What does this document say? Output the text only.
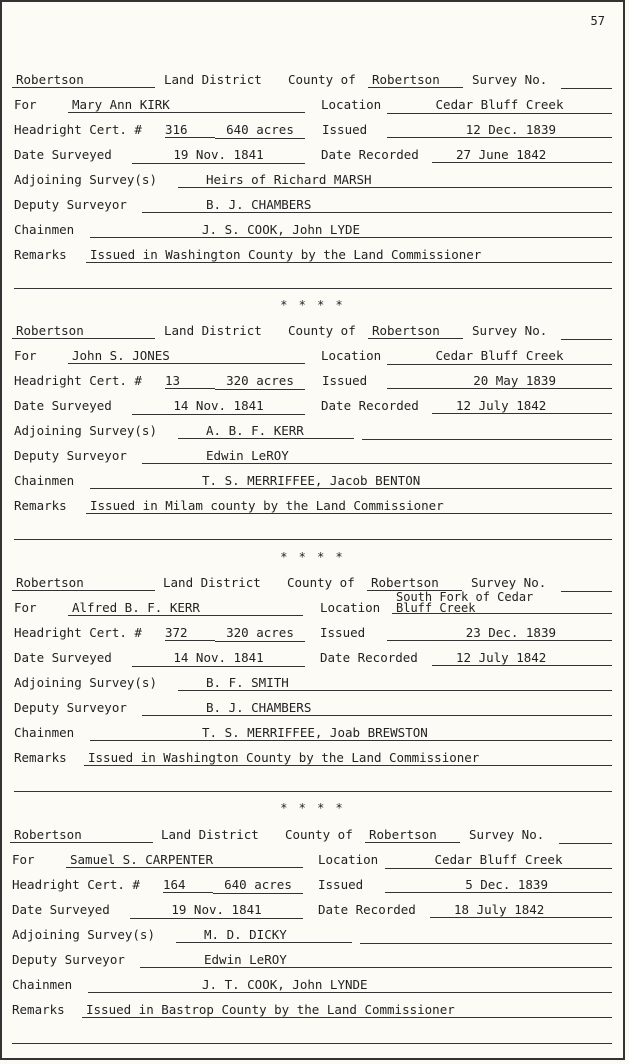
57
Robertson	Land District County of	Robertson	Survey No.
For	Mary Ann KIRK	Location	Cedar Bluff Creek
Headright Cert. # 316	640 acres	Issued	12 Dec. 1839
Date Surveyed	19 Nov. 1841	Date Recorded	27 June 1842
Adjoining Survey(s)	Heirs of Richard MARSH
Deputy Surveyor	B. J. CHAMBERS
Chainmen	J. S. COOK, John LYDE
Remarks	Issued in Washington County by the Land Commissioner
* * * *
Robertson	Land District County of	Robertson	Survey No.
For	John S. JONES	Location	Cedar Bluff Creek
Headright Cert. # 13	320 acres	Issued	20 May 1839
Date Surveyed	14 Nov. 1841	Date Recorded	12 July 1842
Adjoining Survey(s)	A. B. F. KERR
Deputy Surveyor	Edwin LeROY
Chainmen	T. S. MERRIFFEE, Jacob BENTON
Remarks	Issued in Milam county by the Land Commissioner
* * * *
Robertson	Land District County of	Robertson	Survey No.
For	Alfred B. F. KERR	Location
South Fork of Cedar
Bluff Creek
Headright Cert. # 372	320 acres	Issued	23 Dec. 1839
Date Surveyed	14 Nov. 1841	Date Recorded	12 July 1842
Adjoining Survey(s)	B. F. SMITH
Deputy Surveyor	B. J. CHAMBERS
Chainmen	T. S. MERRIFFEE, Joab BREWSTON
Remarks	Issued in Washington County by the Land Commissioner
* * * *
Robertson	Land District County of	Robertson	Survey No.
For	Samuel S. CARPENTER	Location	Cedar Bluff Creek
Headright Cert. # 164	640 acres	Issued	5 Dec. 1839
Date Surveyed	19 Nov. 1841	Date Recorded	18 July 1842
Adjoining Survey(s)	M. D. DICKY
Deputy Surveyor	Edwin LeROY
Chainmen	J. T. COOK, John LYNDE
Remarks	Issued in Bastrop County by the Land Commissioner
